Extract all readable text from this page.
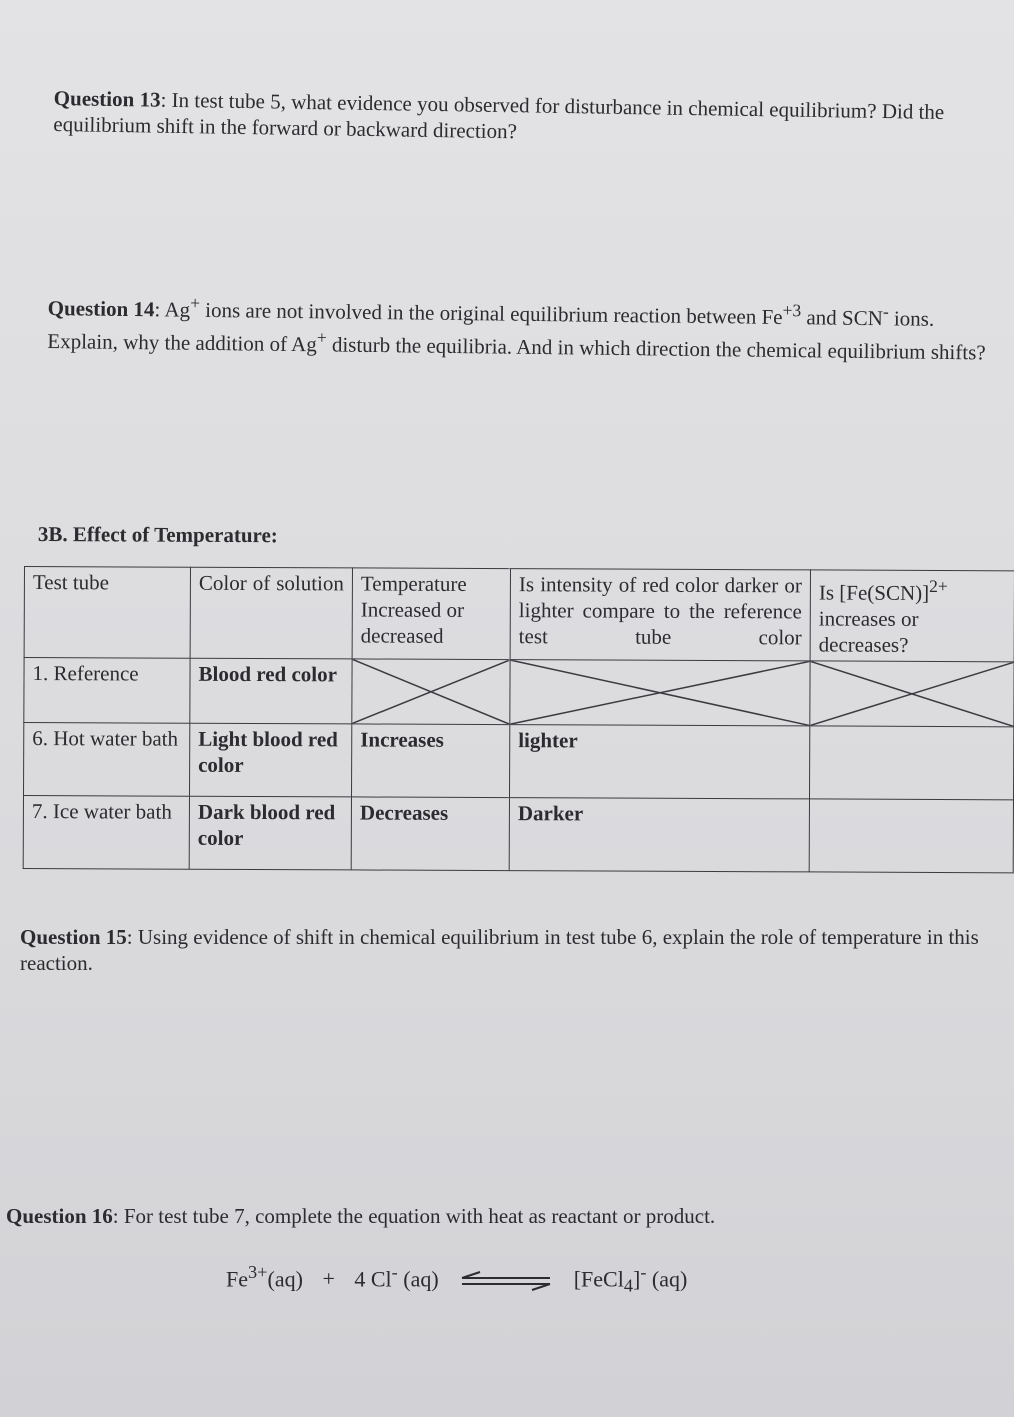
Question 13: In test tube 5, what evidence you observed for disturbance in chemical equilibrium? Did the equilibrium shift in the forward or backward direction?
Question 14: Ag+ ions are not involved in the original equilibrium reaction between $Fe^{+3}$ and SCN- ions. Explain, why the addition of Ag+ disturb the equilibria. And in which direction the chemical equilibrium shifts?
3B. Effect of Temperature:
Test tube	Color of solution	Temperature Increased or decreased	Is intensity of red color darker or lighter compare to the reference test tube color	Is $[Fe(SCN)]^{2+}$ increases or decreases?
1. Reference	Blood red color	

6. Hot water bath	Light blood red color	Increases	lighter	
7. Ice water bath	Dark blood red color	Decreases	Darker	
Question 15: Using evidence of shift in chemical equilibrium in test tube 6, explain the role of temperature in this reaction.
Question 16: For test tube 7, complete the equation with heat as reactant or product.
$Fe^{3+}(aq) + 4$ Cl- (aq)	[FeCl$_4$]- (aq)
